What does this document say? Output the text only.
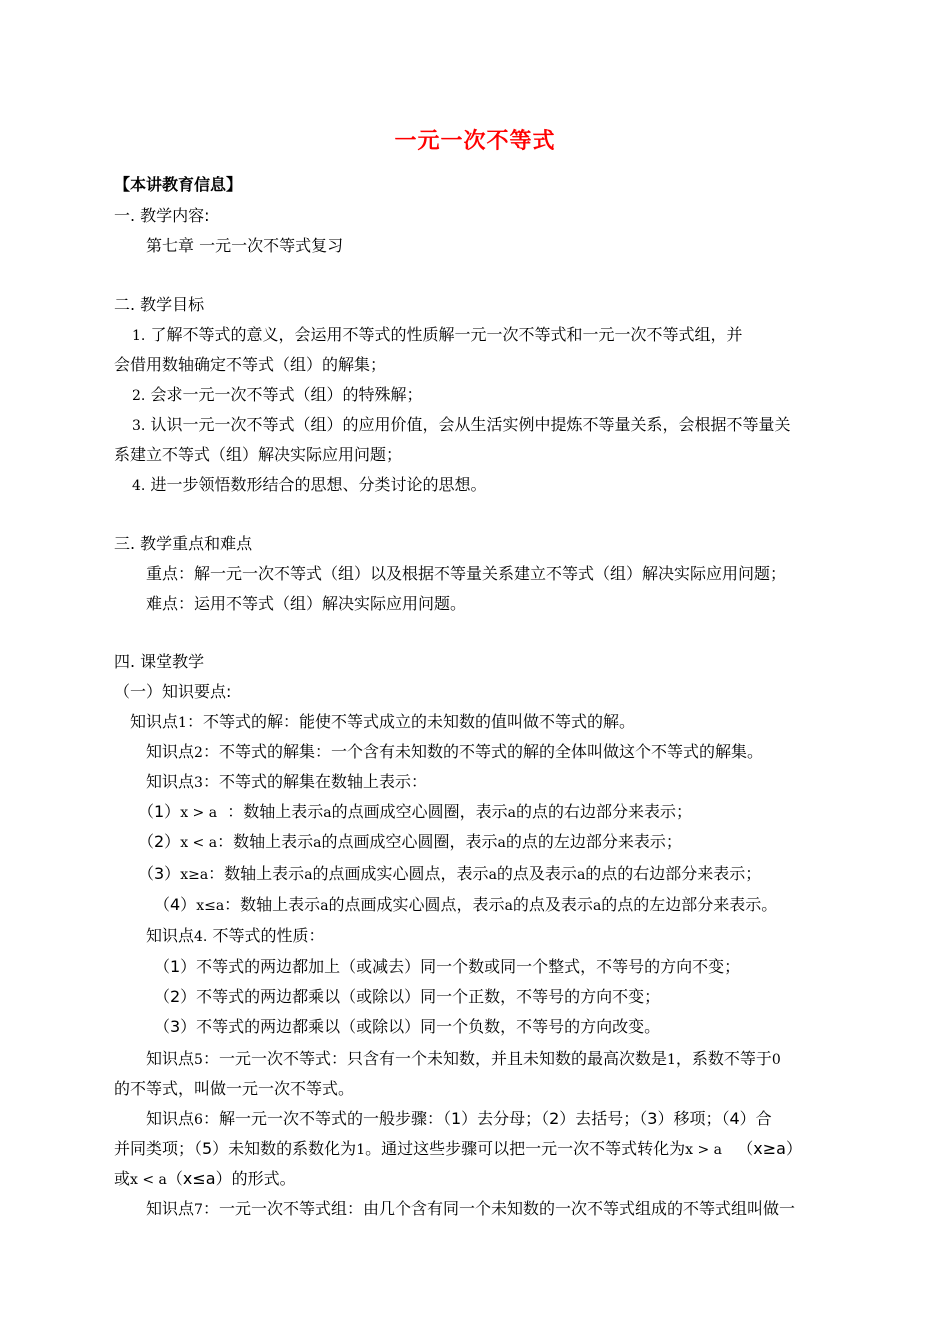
一元一次不等式
【本讲教育信息】
一. 教学内容:
第七章 一元一次不等式复习
二. 教学目标
1. 了解不等式的意义，会运用不等式的性质解一元一次不等式和一元一次不等式组，并
会借用数轴确定不等式（组）的解集；
2. 会求一元一次不等式（组）的特殊解；
3. 认识一元一次不等式（组）的应用价值，会从生活实例中提炼不等量关系，会根据不等量关
系建立不等式（组）解决实际应用问题；
4. 进一步领悟数形结合的思想、分类讨论的思想。
三. 教学重点和难点
重点：解一元一次不等式（组）以及根据不等量关系建立不等式（组）解决实际应用问题；
难点：运用不等式（组）解决实际应用问题。
四. 课堂教学
（一）知识要点:
知识点1：不等式的解：能使不等式成立的未知数的值叫做不等式的解。
知识点2：不等式的解集：一个含有未知数的不等式的解的全体叫做这个不等式的解集。
知识点3：不等式的解集在数轴上表示：
（1）x > a ：数轴上表示a的点画成空心圆圈，表示a的点的右边部分来表示；
（2）x < a：数轴上表示a的点画成空心圆圈，表示a的点的左边部分来表示；
（3）x≥a：数轴上表示a的点画成实心圆点，表示a的点及表示a的点的右边部分来表示；
（4）x≤a：数轴上表示a的点画成实心圆点，表示a的点及表示a的点的左边部分来表示。
知识点4. 不等式的性质：
（1）不等式的两边都加上（或减去）同一个数或同一个整式，不等号的方向不变；
（2）不等式的两边都乘以（或除以）同一个正数，不等号的方向不变；
（3）不等式的两边都乘以（或除以）同一个负数，不等号的方向改变。
知识点5：一元一次不等式：只含有一个未知数，并且未知数的最高次数是1，系数不等于0
的不等式，叫做一元一次不等式。
知识点6：解一元一次不等式的一般步骤：（1）去分母；（2）去括号；（3）移项；（4）合
并同类项；（5）未知数的系数化为1。通过这些步骤可以把一元一次不等式转化为x > a （x≥a）
或x < a（x≤a）的形式。
知识点7：一元一次不等式组：由几个含有同一个未知数的一次不等式组成的不等式组叫做一
